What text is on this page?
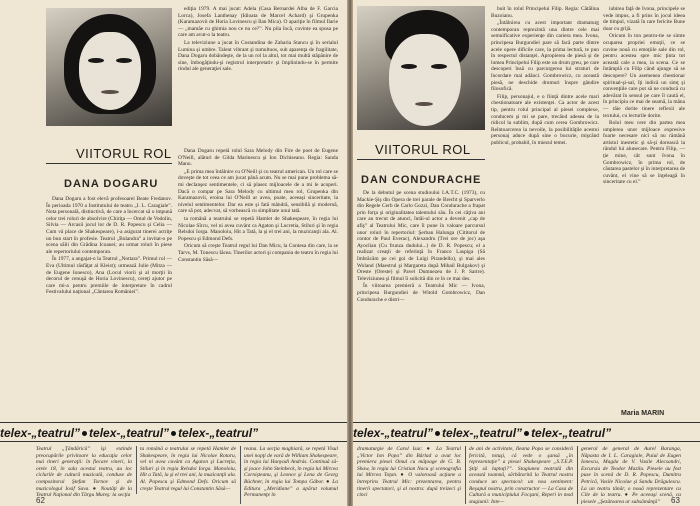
VIITORUL ROL
DANA DOGARU

Dana Dogaru a fost elevă profesoarei Beate Fredanov. În perioada 1970 a Institutului de teatru „I. L. Caragiale”. Nota personală, distinctivă, de care a încercat să o impună celor trei roluri de absolvire (Chiriţa — Omul de Vodolin, Silvia — Arcasii jocul lor de D. R. Popescu şi Celia — Cum vă place de Shakespeare), i-a asigurat tinerei actriţe un bun start în profesie. Teatrul „Bulandra” a invitat-o pe scena sălii din Grădina Icoanei; au urmat roluri în piese ale repertoriului contemporan.

În 1977, a angajat-o la Teatrul „Nottara”. Primul rol — Eva (Ultimul răsfăţat al Kleist); urmează Julie (Mitza — de Eugene Ionesco), Ana (Locul viorii şi al morţii în decorul de cenuşă de Horia Lovinescu), cereţi ajutor pe care mi-a pentru premiile de interpretare în cadrul Festivalului naţional „Cântarea României”.

ediţia 1979. A mai jucat: Adela (Casa Bernardei Alba de F. Garcia Lorca), Josefa Lanthenay (Idioata de Marcel Achard) şi Grupenka (Karamazovii de Horia Lovinescu şi Ilan Mica). O apariţie în filmul Ilarie — „mamăe cu ghimia nou ce nu ce?”. Nu pila încă, cuvinte ea spusa pe care am avut-o la teatru.

La televiziune a jucat în Costandina de Zaharia Stancu şi în serialul Lumina şi umbre. Talent vibrant şi tumultuos, sub aparenţa de fragilitate, Dana Dogaru dobândeşte, de la un rol la altul, tot mai multă stăpânire de sine, îmbogăţindu-şi registrul interpretativ şi împlinindu-se în permite rindul ale generaţiei sale.

Dana Dogaru repetă rolul Sara Melody din Fire de poet de Eugene O'Neill, alături de Gilda Marinescu şi Ion Dichiseanu. Regia: Sanda Manu.

„E prima mea întâlnire cu O'Neill şi cu teatrul american. Un rol care se doveşte de tot ceea ce am jucat până acum. Nu se mai pune problema să-mi declanşez sentimentele, ci să plasez mijloacele de a mi le acoperi. Dacă o compar pe Sara Melody cu ultimul meu rol, Grupenka din Karamazovii, eroina lui O'Neill ar avea, poate, aceeaşi sinceritate, la nivelul sentimentelor. Dar ea este şi fată mândră, sensibilă şi modernă, care să pot, adecvat, să vorbească cu simplitate unui tată.

ta română a teatrului se repetă Hamlet de Shakespeare, în regia lui Nicolae Sîrcu, vel ni avea cuvânt ca Agaton şi Lucretia, Stiluri şi în regia Relsdoi Iorga. Manoloiu, Hit a Tată, la şi el trei ani, la muzicanţii ala. Al. Popescu şi Edmond Defs.

Oricum să creşte Teatrul regul lui Dan Micu, la Contesa din care, la se Tarvs, M. Tonescu Iăcea. Tinerilor actori şi compania de teatru în regia lui Constantin Săsă—

telex-„teatrul” telex-„teatrul” telex-„teatrul”
Teatrul „Ţăndărică” îşi extinde preocupările privitoare la educaţia celor mai tineri generaţii: în fiecare vineri, la orele 18, în sala acestui teatru, au loc ciclurile de cultură muzicală, conduse de compozitorul Ştefan Tornov şi de muzicologul Iosif Sava. ● Noutăţi de la Teatrul Naţional din Târgu Mureş: la secţia
ta română a teatrului se repetă Hamlet de Shakespeare, în regia lui Nicolae Rotaru, vel ni avea cuvânt ca Agaton şi Lucreţia, Stiluri şi în regia Relsdoi Iorga. Manoloiu, Hit a Tată, la şi el trei ani, la muzicanţii ala. Al. Popescu şi Edmond Defs. Oricum să creşte Teatrul regul lui Constantin Săsă—
reana. La secţia maghiară, se repetă Visul unei nopţi de vară de William Shakespeare, în regia lui Hunyadi András. Continuă să-şi joace John Steinbeck, în regia lui Mircea Cornişteanu, şi Leonce şi Lena de Georg Büchner, în regia lui Tompa Gábor. ● La Editura „Meridiane” a apărut volumul Permanenţe în
62
VIITORUL ROL
DAN CONDURACHE

De la debutul pe scena studioului I.A.T.C. (1973), cu Mackie-Şiş din Opera de trei parale de Brecht şi Sparverlo din Regele Cerb de Carlo Gozzi, Dan Condurache a frapat prin forţa şi originalitatea talentului său. În cei câţiva ani care au trecut de atunci, întâi-ul actor a devenit „cap de afiş” al Teatrului Mic, care îl pune în valoare parcursul unor roluri în repertoriul: Şerban Halunga (Cititorul de contor de Paul Everac), Alexandru (Trei ore de joc) aşa Ayoclian (Cu frunza dudului...) de D. R. Popescu; el a realizat creaţii de referinţă în Franco Laspiga (Să îmbrăcăm pe cei goi de Luigi Pirandello), şi mai ales Woland (Maestrul şi Margareta după Mihail Bulgakov) şi Oreste (Oreste) şi Pavel Dumnezeu de J. P. Sartre). Televiziunea şi filmul îi solicită din ce în ce mai des.

În viitoarea premieră a Teatrului Mic — Ivona, principesa Burgundiei de Witold Gombrowicz, Dan Condurache e distri—

buit în rolul Principelui Filip. Regia: Cătălina Buzoianu.

„Întâlnirea cu acest important dramaturg contemporan reprezintă una dintre cele mai semnificative experienţe din cariera mea. Ivona, principesa Burgundiei pare să facă parte dintre acele opere dificile care, la prima lectură, te pun în respectul distanţei. Apropierea de piesă şi de lumea Principelui Filip este un drum greu, pe care descoperi însă cu parcurgerea lui straturi de încordare mai adânci. Gombrowicz, cu această piesă, ne deschide drumuri înspre gândire filosofică.

Filip, personajul, e o fiinţă dintre acele mari chestionatoare ale existenţei. Ca actor de acest tip, pentru rolul principal al piesei complexe, conducem şi mi se pare, trecând adesea de la ridicol la sublim, după cum cerea Gombrowicz. Reîntoarcerea la nevoile, la posibilităţile acestui personaj aduce după sine o bucurie, mişcând publicul, probabil, în miezul temei.

iubirea faţă de Ivona, principele se vede impus, a fi prins în jocul ideea de timpul, vizată în rare fericite Bune doar cu grijă.

Oricum în ton pentru-tie se simte ocuparea propriei emoţii, ce se cuvine nouă cu emoţiile sale din rol, pentru acestea spre mic ţinta tot această cale a mea, ia scena. Ce se întâmplă cu Filip când ajunge să se descopere? Un asemenea chestionar spiritual-şi-sal, îţi indică un simţ şi convenţiile care pot să ne conducă cu adevărat în sensul pe care îl caută el, în principiu ce mai de seamă, la mâna — tăie dorite tinere reflexii ale textului, cu lecturile dorite.

Rolul meu cere din partea mea umplerea unor mijloace expresive foarte necesare nici să nu rămână artistul inestetic şi să-şi dorească la rândul lui alunecare. Pentru Filip, — ţie mine, cât sunt Ivona în Gombrowicz, în prima rol, de căutarea pastelor şi în interpretarea de cuvânt, el vine să se înţeleagă în sinceritate cu el.”

Maria MARIN
telex-„teatrul” telex-„teatrul” telex-„teatrul”
dramaturgie de Carol Isac. ● La Teatrul „Victor Ion Popa” din Bârlad a avut loc premiera piesei Omul cu mâţoage de G. B. Shaw, în regia lui Cristian Nacu şi scenografia lui Mircea Toţan. ● O valoroasă acţiune a întreprins Teatrul Mic: prezentarea, pentru tinerii spectatori, şi al nostru: după treizeci şi cinci
de ani de activitate, Ileana Popa se consideră fericită, totuşi, că vede o şansă „în reprezentaţie” a piesei Shakespeare „S.T.E.P. Ştiţi să luptaţi?”. Stagiunea teatrală din această toamnă, sărbătorită la Teatrul nostru conduce un spectacol: un nou sentiment: Reşapul nostru, prin constructor — La Casa de Cultură a municipiului Focşani, Reperi in mod stagiunii: Inte—
general de general de Aurel Baranga, Năpasta de I. L. Caragiale, Puiul de Eugen Ionescu, Magda de V. Vasile Alecsandri, Excursia de Teodor Mazilu. Piesele au fost puse în scenă de D. R. Popescu, Dumitru Petrică, Vasile Nicolae şi Sandu Drăgulescu. La un teatru tânăr, o nouă reprezentare cu Cile de la teatru. ● Pe aceeaşi scenă, cu piesele „Şezătoarea ar subsămânţă”	63
